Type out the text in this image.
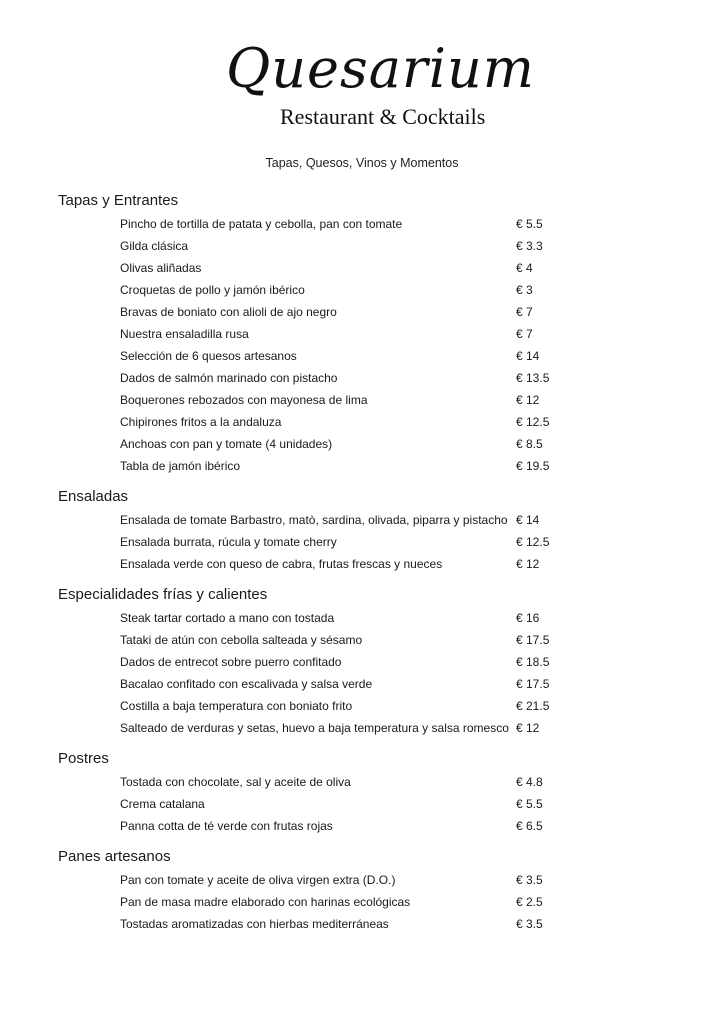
Quesarium
Restaurant & Cocktails
Tapas, Quesos, Vinos y Momentos
Tapas y Entrantes
Pincho de tortilla de patata y cebolla, pan con tomate	€ 5.5
Gilda clásica	€ 3.3
Olivas aliñadas	€ 4
Croquetas de pollo y jamón ibérico	€ 3
Bravas de boniato con alioli de ajo negro	€ 7
Nuestra ensaladilla rusa	€ 7
Selección de 6 quesos artesanos	€ 14
Dados de salmón marinado con pistacho	€ 13.5
Boquerones rebozados con mayonesa de lima	€ 12
Chipirones fritos a la andaluza	€ 12.5
Anchoas con pan y tomate (4 unidades)	€ 8.5
Tabla de jamón ibérico	€ 19.5
Ensaladas
Ensalada de tomate Barbastro, matò, sardina, olivada, piparra y pistacho € 14
Ensalada burrata, rúcula y tomate cherry	€ 12.5
Ensalada verde con queso de cabra, frutas frescas y nueces	€ 12
Especialidades frías y calientes
Steak tartar cortado a mano con tostada	€ 16
Tataki de atún con cebolla salteada y sésamo	€ 17.5
Dados de entrecot sobre puerro confitado	€ 18.5
Bacalao confitado con escalivada y salsa verde	€ 17.5
Costilla a baja temperatura con boniato frito	€ 21.5
Salteado de verduras y setas, huevo a baja temperatura y salsa romesco € 12
Postres
Tostada con chocolate, sal y aceite de oliva	€ 4.8
Crema catalana	€ 5.5
Panna cotta de té verde con frutas rojas	€ 6.5
Panes artesanos
Pan con tomate y aceite de oliva virgen extra (D.O.)	€ 3.5
Pan de masa madre elaborado con harinas ecológicas	€ 2.5
Tostadas aromatizadas con hierbas mediterráneas	€ 3.5
